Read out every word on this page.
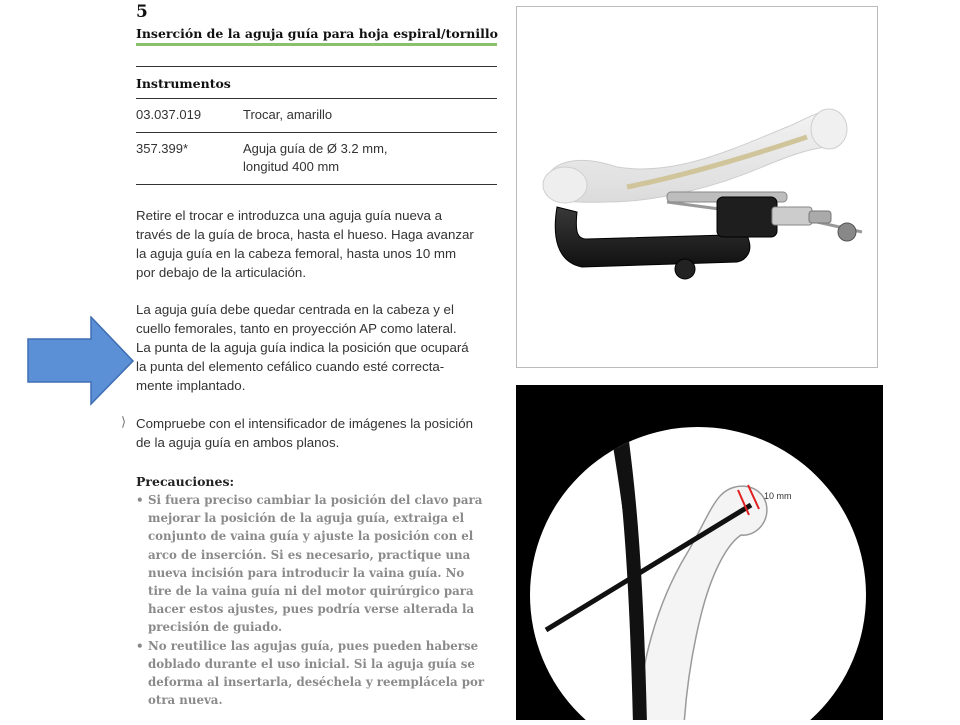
5
Inserción de la aguja guía para hoja espiral/tornillo
Instrumentos
03.037.019	Trocar, amarillo
357.399*	Aguja guía de Ø 3.2 mm,
longitud 400 mm
Retire el trocar e introduzca una aguja guía nueva a
través de la guía de broca, hasta el hueso. Haga avanzar
la aguja guía en la cabeza femoral, hasta unos 10 mm
por debajo de la articulación.
La aguja guía debe quedar centrada en la cabeza y el
cuello femorales, tanto en proyección AP como lateral.
La punta de la aguja guía indica la posición que ocupará
la punta del elemento cefálico cuando esté correcta-
mente implantado.
⟩ Compruebe con el intensificador de imágenes la posición
de la aguja guía en ambos planos.
Precauciones:
• Si fuera preciso cambiar la posición del clavo para
mejorar la posición de la aguja guía, extraiga el
conjunto de vaina guía y ajuste la posición con el
arco de inserción. Si es necesario, practique una
nueva incisión para introducir la vaina guía. No
tire de la vaina guía ni del motor quirúrgico para
hacer estos ajustes, pues podría verse alterada la
precisión de guiado.
• No reutilice las agujas guía, pues pueden haberse
doblado durante el uso inicial. Si la aguja guía se
deforma al insertarla, deséchela y reemplácela por
otra nueva.
10 mm
